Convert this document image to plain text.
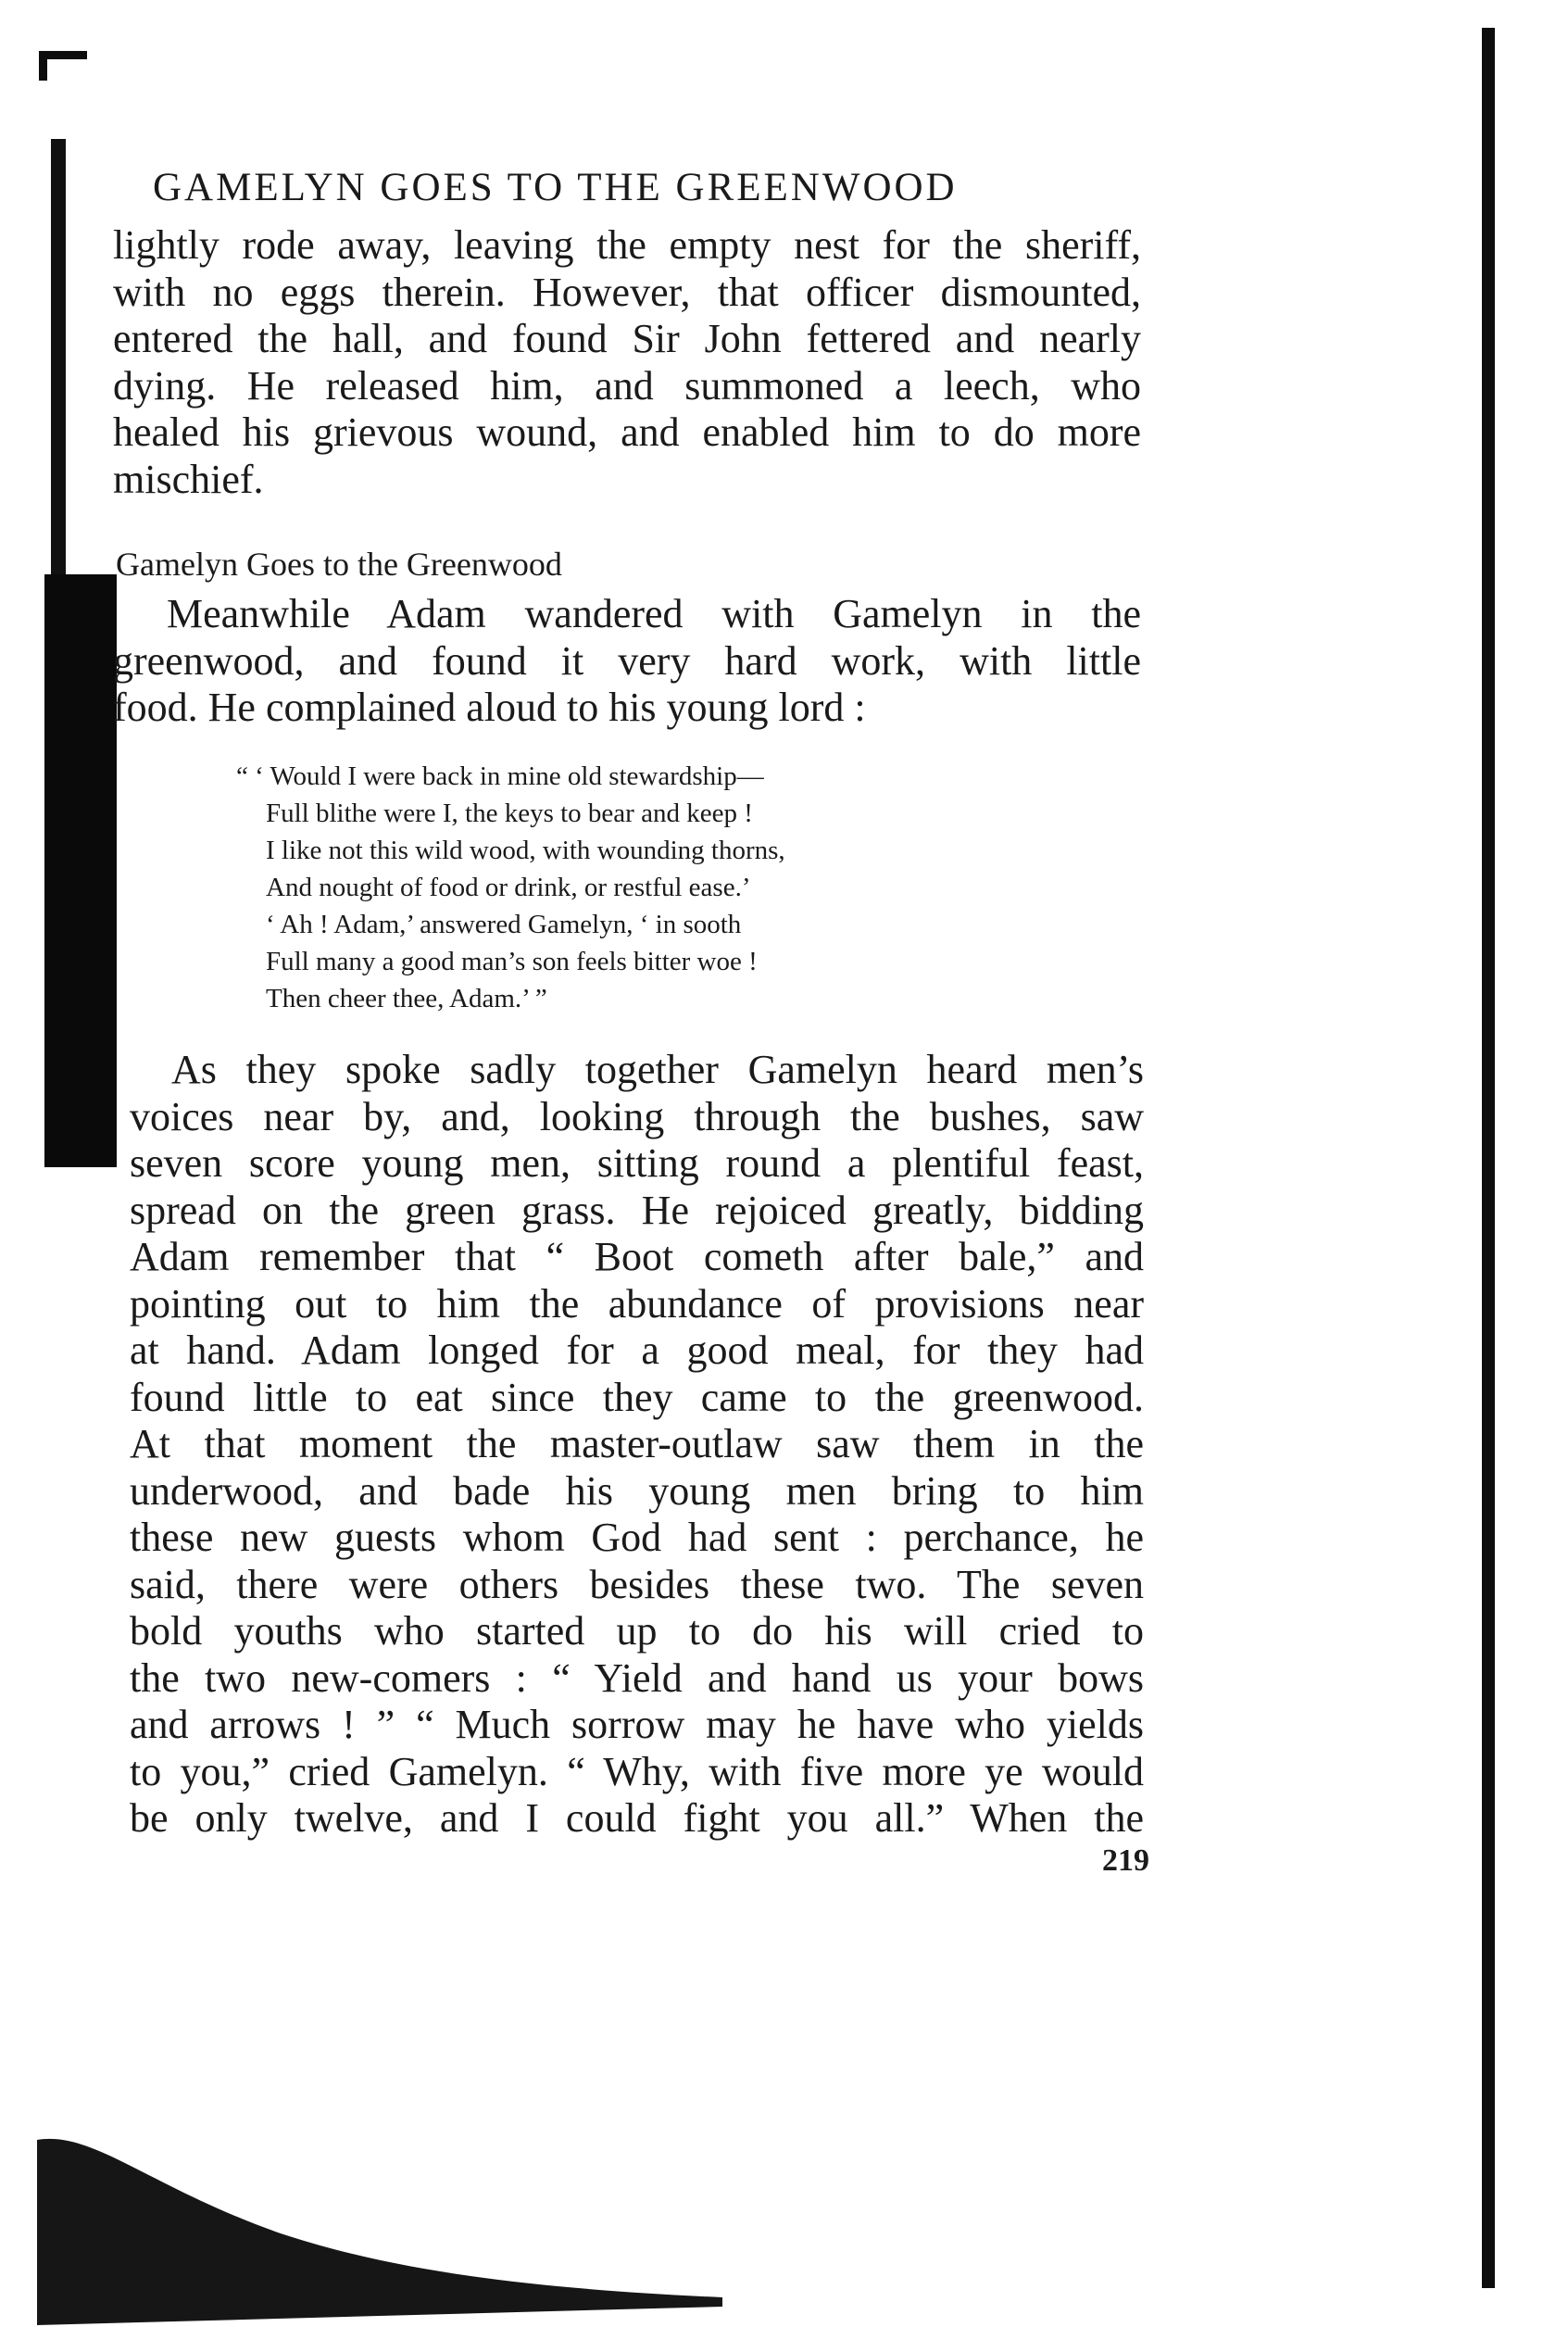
GAMELYN GOES TO THE GREENWOOD
lightly rode away, leaving the empty nest for the sheriff,
with no eggs therein. However, that officer dismounted,
entered the hall, and found Sir John fettered and nearly
dying. He released him, and summoned a leech, who
healed his grievous wound, and enabled him to do more
mischief.
Gamelyn Goes to the Greenwood
Meanwhile Adam wandered with Gamelyn in the
greenwood, and found it very hard work, with little
food. He complained aloud to his young lord :
“ ‘ Would I were back in mine old stewardship—
Full blithe were I, the keys to bear and keep !
I like not this wild wood, with wounding thorns,
And nought of food or drink, or restful ease.’
‘ Ah ! Adam,’ answered Gamelyn, ‘ in sooth
Full many a good man’s son feels bitter woe !
Then cheer thee, Adam.’ ”
As they spoke sadly together Gamelyn heard men’s
voices near by, and, looking through the bushes, saw
seven score young men, sitting round a plentiful feast,
spread on the green grass. He rejoiced greatly, bidding
Adam remember that “ Boot cometh after bale,” and
pointing out to him the abundance of provisions near
at hand. Adam longed for a good meal, for they had
found little to eat since they came to the greenwood.
At that moment the master-outlaw saw them in the
underwood, and bade his young men bring to him
these new guests whom God had sent : perchance, he
said, there were others besides these two. The seven
bold youths who started up to do his will cried to
the two new-comers : “ Yield and hand us your bows
and arrows ! ” “ Much sorrow may he have who yields
to you,” cried Gamelyn. “ Why, with five more ye would
be only twelve, and I could fight you all.” When the
219
